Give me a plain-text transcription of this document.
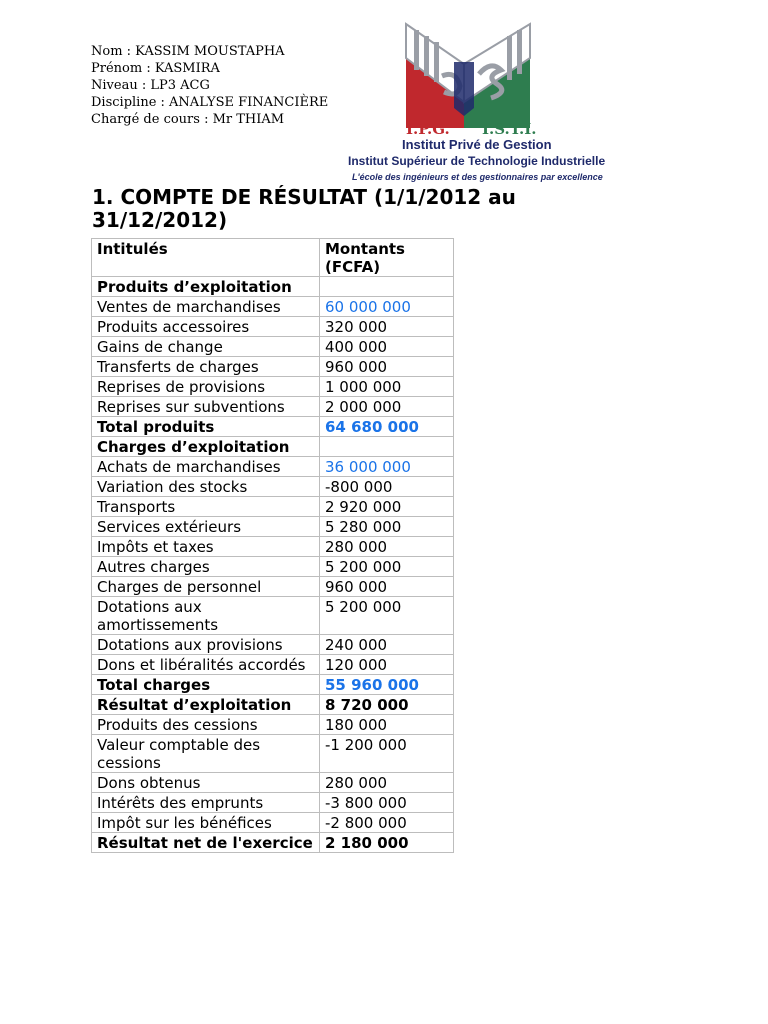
Nom : KASSIM MOUSTAPHA
Prénom : KASMIRA
Niveau : LP3 ACG
Discipline : ANALYSE FINANCIÈRE
Chargé de cours : Mr THIAM
I.P.G. I.S.T.I.
Institut Privé de Gestion
Institut Supérieur de Technologie Industrielle
L'école des ingénieurs et des gestionnaires par excellence
1. COMPTE DE RÉSULTAT (1/1/2012 au 31/12/2012)
Intitulés	Montants (FCFA)
Produits d’exploitation	
Ventes de marchandises	60 000 000
Produits accessoires	320 000
Gains de change	400 000
Transferts de charges	960 000
Reprises de provisions	1 000 000
Reprises sur subventions	2 000 000
Total produits	64 680 000
Charges d’exploitation	
Achats de marchandises	36 000 000
Variation des stocks	-800 000
Transports	2 920 000
Services extérieurs	5 280 000
Impôts et taxes	280 000
Autres charges	5 200 000
Charges de personnel	960 000
Dotations aux amortissements	5 200 000
Dotations aux provisions	240 000
Dons et libéralités accordés	120 000
Total charges	55 960 000
Résultat d’exploitation	8 720 000
Produits des cessions	180 000
Valeur comptable des cessions	-1 200 000
Dons obtenus	280 000
Intérêts des emprunts	-3 800 000
Impôt sur les bénéfices	-2 800 000
Résultat net de l'exercice	2 180 000
